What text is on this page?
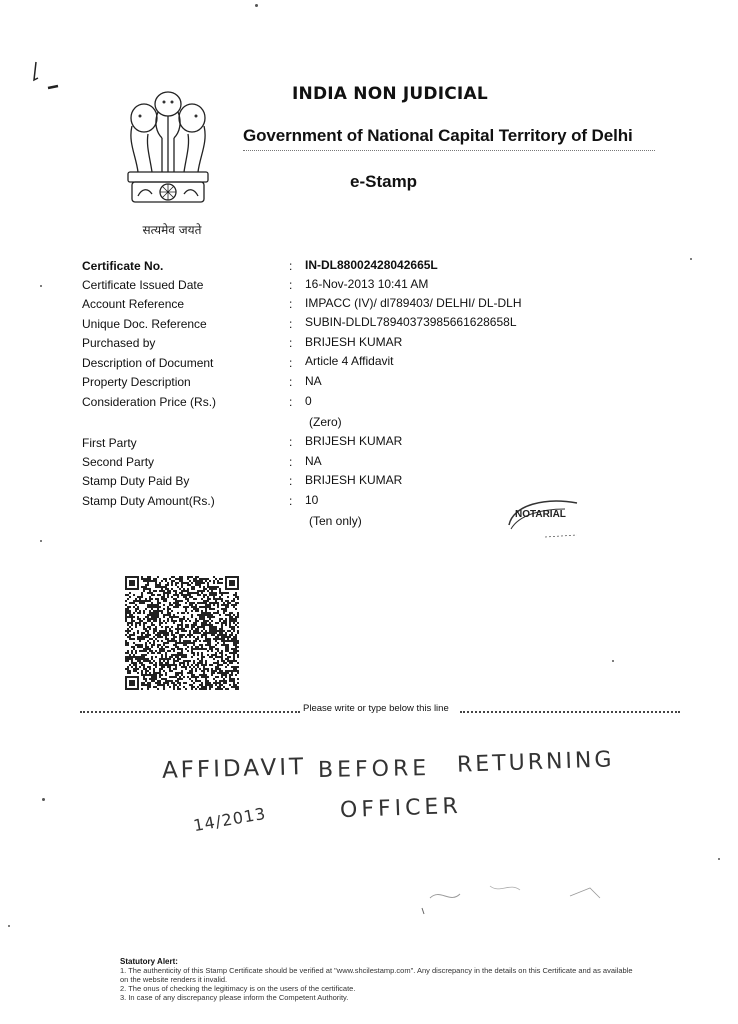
सत्यमेव जयते
INDIA NON JUDICIAL
Government of National Capital Territory of Delhi
e-Stamp
Certificate No.	: IN-DL88002428042665L
Certificate Issued Date	: 16-Nov-2013 10:41 AM
Account Reference	: IMPACC (IV)/ dl789403/ DELHI/ DL-DLH
Unique Doc. Reference	: SUBIN-DLDL78940373985661628658L
Purchased by	: BRIJESH KUMAR
Description of Document	: Article 4 Affidavit
Property Description	: NA
Consideration Price (Rs.)	: 0
(Zero)
First Party	: BRIJESH KUMAR
Second Party	: NA
Stamp Duty Paid By	: BRIJESH KUMAR
Stamp Duty Amount(Rs.)	: 10
(Ten only)	NOTARIAL
Please write or type below this line
AFFIDAVIT BEFORE RETURNING
OFFICER
14/2013
Statutory Alert:
1. The authenticity of this Stamp Certificate should be verified at "www.shcilestamp.com". Any discrepancy in the details on this Certificate and as available on the website renders it invalid.
2. The onus of checking the legitimacy is on the users of the certificate.
3. In case of any discrepancy please inform the Competent Authority.
